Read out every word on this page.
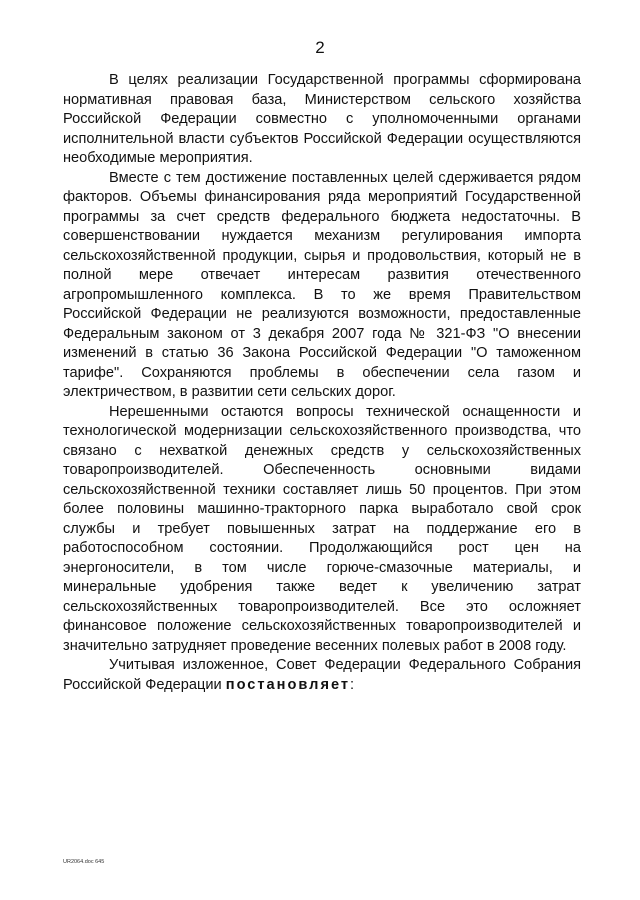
2

В целях реализации Государственной программы сформирована нормативная правовая база, Министерством сельского хозяйства Российской Федерации совместно с уполномоченными органами исполнительной власти субъектов Российской Федерации осуществляются необходимые мероприятия.

Вместе с тем достижение поставленных целей сдерживается рядом факторов. Объемы финансирования ряда мероприятий Государственной программы за счет средств федерального бюджета недостаточны. В совершенствовании нуждается механизм регулирования импорта сельскохозяйственной продукции, сырья и продовольствия, который не в полной мере отвечает интересам развития отечественного агропромышленного комплекса. В то же время Правительством Российской Федерации не реализуются возможности, предоставленные Федеральным законом от 3 декабря 2007 года № 321-ФЗ "О внесении изменений в статью 36 Закона Российской Федерации "О таможенном тарифе". Сохраняются проблемы в обеспечении села газом и электричеством, в развитии сети сельских дорог.

Нерешенными остаются вопросы технической оснащенности и технологической модернизации сельскохозяйственного производства, что связано с нехваткой денежных средств у сельскохозяйственных товаропроизводителей. Обеспеченность основными видами сельскохозяйственной техники составляет лишь 50 процентов. При этом более половины машинно-тракторного парка выработало свой срок службы и требует повышенных затрат на поддержание его в работоспособном состоянии. Продолжающийся рост цен на энергоносители, в том числе горюче-смазочные материалы, и минеральные удобрения также ведет к увеличению затрат сельскохозяйственных товаропроизводителей. Все это осложняет финансовое положение сельскохозяйственных товаропроизводителей и значительно затрудняет проведение весенних полевых работ в 2008 году.

Учитывая изложенное, Совет Федерации Федерального Собрания Российской Федерации постановляет:

UR2064.doc 645
